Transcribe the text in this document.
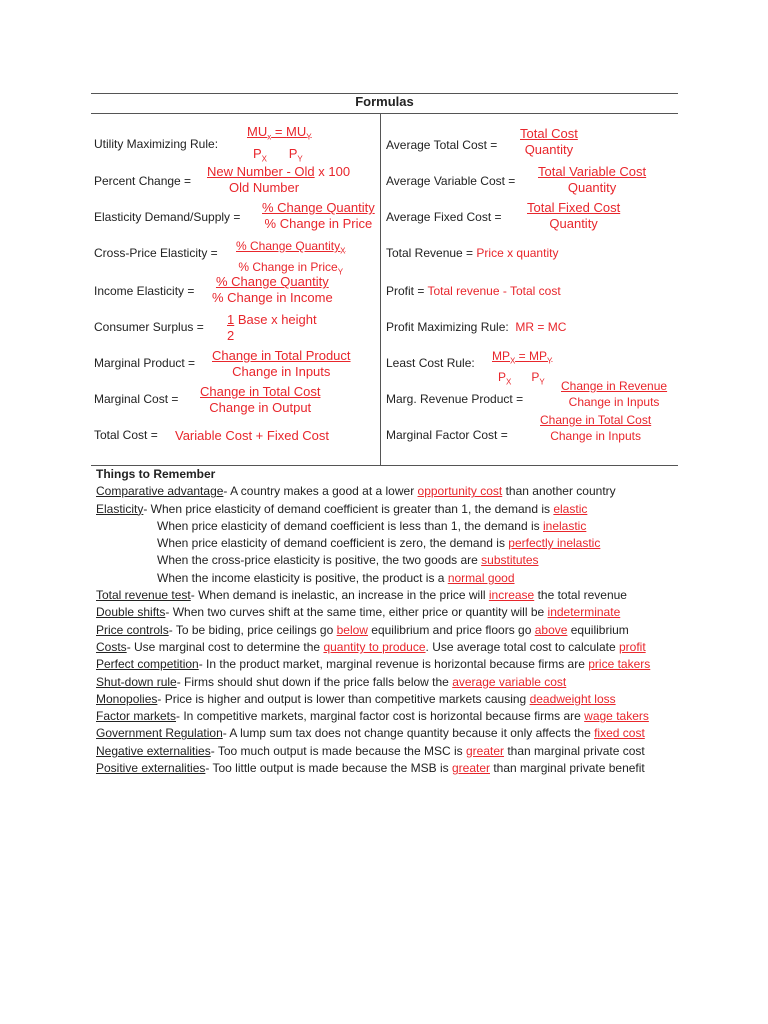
Formulas
Utility Maximizing Rule:
$MU_x = MU_Y$
$P_X$ $P_Y$
Percent Change =
New Number - Old x 100
Old Number
Elasticity Demand/Supply =
% Change Quantity
% Change in Price
Cross-Price Elasticity = % Change Quantity$_X$
% Change in Price$_Y$
Income Elasticity =
% Change Quantity
% Change in Income
Consumer Surplus = 1 Base x height
2
Marginal Product = Change in Total Product
Change in Inputs
Marginal Cost = Change in Total Cost
Change in Output
Total Cost = Variable Cost + Fixed Cost
Average Total Cost =
Total Cost
Quantity
Average Variable Cost =
Total Variable Cost
Quantity
Average Fixed Cost =
Total Fixed Cost
Quantity
Total Revenue = Price x quantity
Profit = Total revenue - Total cost
Profit Maximizing Rule:  MR = MC
Least Cost Rule: $MP_X = MP_Y$
$P_X$ $P_Y$
Marg. Revenue Product =
Change in Revenue
Change in Inputs
Marginal Factor Cost =
Change in Total Cost
Change in Inputs
Things to Remember
Comparative advantage- A country makes a good at a lower opportunity cost than another country
Elasticity- When price elasticity of demand coefficient is greater than 1, the demand is elastic
When price elasticity of demand coefficient is less than 1, the demand is inelastic
When price elasticity of demand coefficient is zero, the demand is perfectly inelastic
When the cross-price elasticity is positive, the two goods are substitutes
When the income elasticity is positive, the product is a normal good
Total revenue test- When demand is inelastic, an increase in the price will increase the total revenue
Double shifts- When two curves shift at the same time, either price or quantity will be indeterminate
Price controls- To be biding, price ceilings go below equilibrium and price floors go above equilibrium
Costs- Use marginal cost to determine the quantity to produce. Use average total cost to calculate profit
Perfect competition- In the product market, marginal revenue is horizontal because firms are price takers
Shut-down rule- Firms should shut down if the price falls below the average variable cost
Monopolies- Price is higher and output is lower than competitive markets causing deadweight loss
Factor markets- In competitive markets, marginal factor cost is horizontal because firms are wage takers
Government Regulation- A lump sum tax does not change quantity because it only affects the fixed cost
Negative externalities- Too much output is made because the MSC is greater than marginal private cost
Positive externalities- Too little output is made because the MSB is greater than marginal private benefit
